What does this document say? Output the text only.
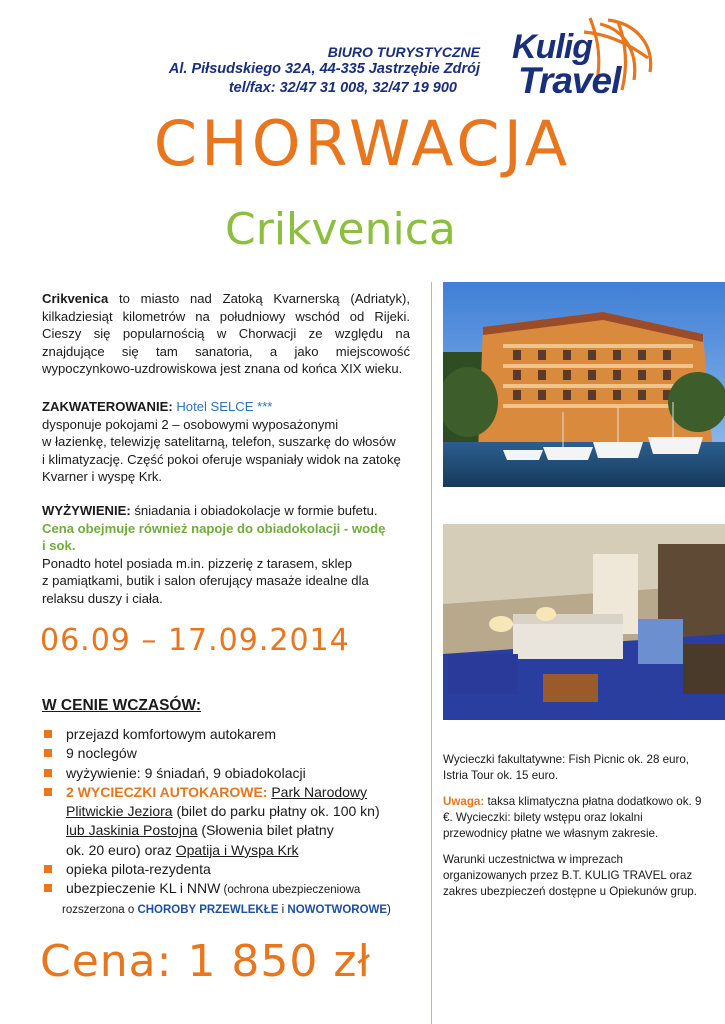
BIURO TURYSTYCZNE
Al. Piłsudskiego 32A, 44-335 Jastrzębie Zdrój
tel/fax: 32/47 31 008, 32/47 19 900
Kulig
Travel
CHORWACJA
Crikvenica

Crikvenica to miasto nad Zatoką Kvarnerską (Adriatyk), kilkadziesiąt kilometrów na południowy wschód od Rijeki. Cieszy się popularnością w Chorwacji ze względu na znajdujące się tam sanatoria, a jako miejscowość wypoczynkowo-uzdrowiskowa jest znana od końca XIX wieku.

ZAKWATEROWANIE: Hotel SELCE ***

dysponuje pokojami 2 – osobowymi wyposażonymi

w łazienkę, telewizję satelitarną, telefon, suszarkę do włosów

i klimatyzację. Część pokoi oferuje wspaniały widok na zatokę

Kvarner i wyspę Krk.

WYŻYWIENIE: śniadania i obiadokolacje w formie bufetu.

Cena obejmuje również napoje do obiadokolacji - wodę

i sok.

Ponadto hotel posiada m.in. pizzerię z tarasem, sklep

z pamiątkami, butik i salon oferujący masaże idealne dla

relaksu duszy i ciała.

06.09 – 17.09.2014
W CENIE WCZASÓW:
przejazd komfortowym autokarem
9 noclegów
wyżywienie: 9 śniadań, 9 obiadokolacji
2 WYCIECZKI AUTOKAROWE: Park Narodowy
Plitwickie Jeziora (bilet do parku płatny ok. 100 kn)
lub Jaskinia Postojna (Słowenia bilet płatny
ok. 20 euro) oraz Opatija i Wyspa Krk
opieka pilota-rezydenta
ubezpieczenie KL i NNW (ochrona ubezpieczeniowa
rozszerzona o CHOROBY PRZEWLEKŁE i NOWOTWOROWE)
Cena: 1 850 zł

Wycieczki fakultatywne: Fish Picnic ok. 28 euro, Istria Tour ok. 15 euro.

Uwaga: taksa klimatyczna płatna dodatkowo ok. 9 €. Wycieczki: bilety wstępu oraz lokalni przewodnicy płatne we własnym zakresie.

Warunki uczestnictwa w imprezach organizowanych przez B.T. KULIG TRAVEL oraz zakres ubezpieczeń dostępne u Opiekunów grup.
